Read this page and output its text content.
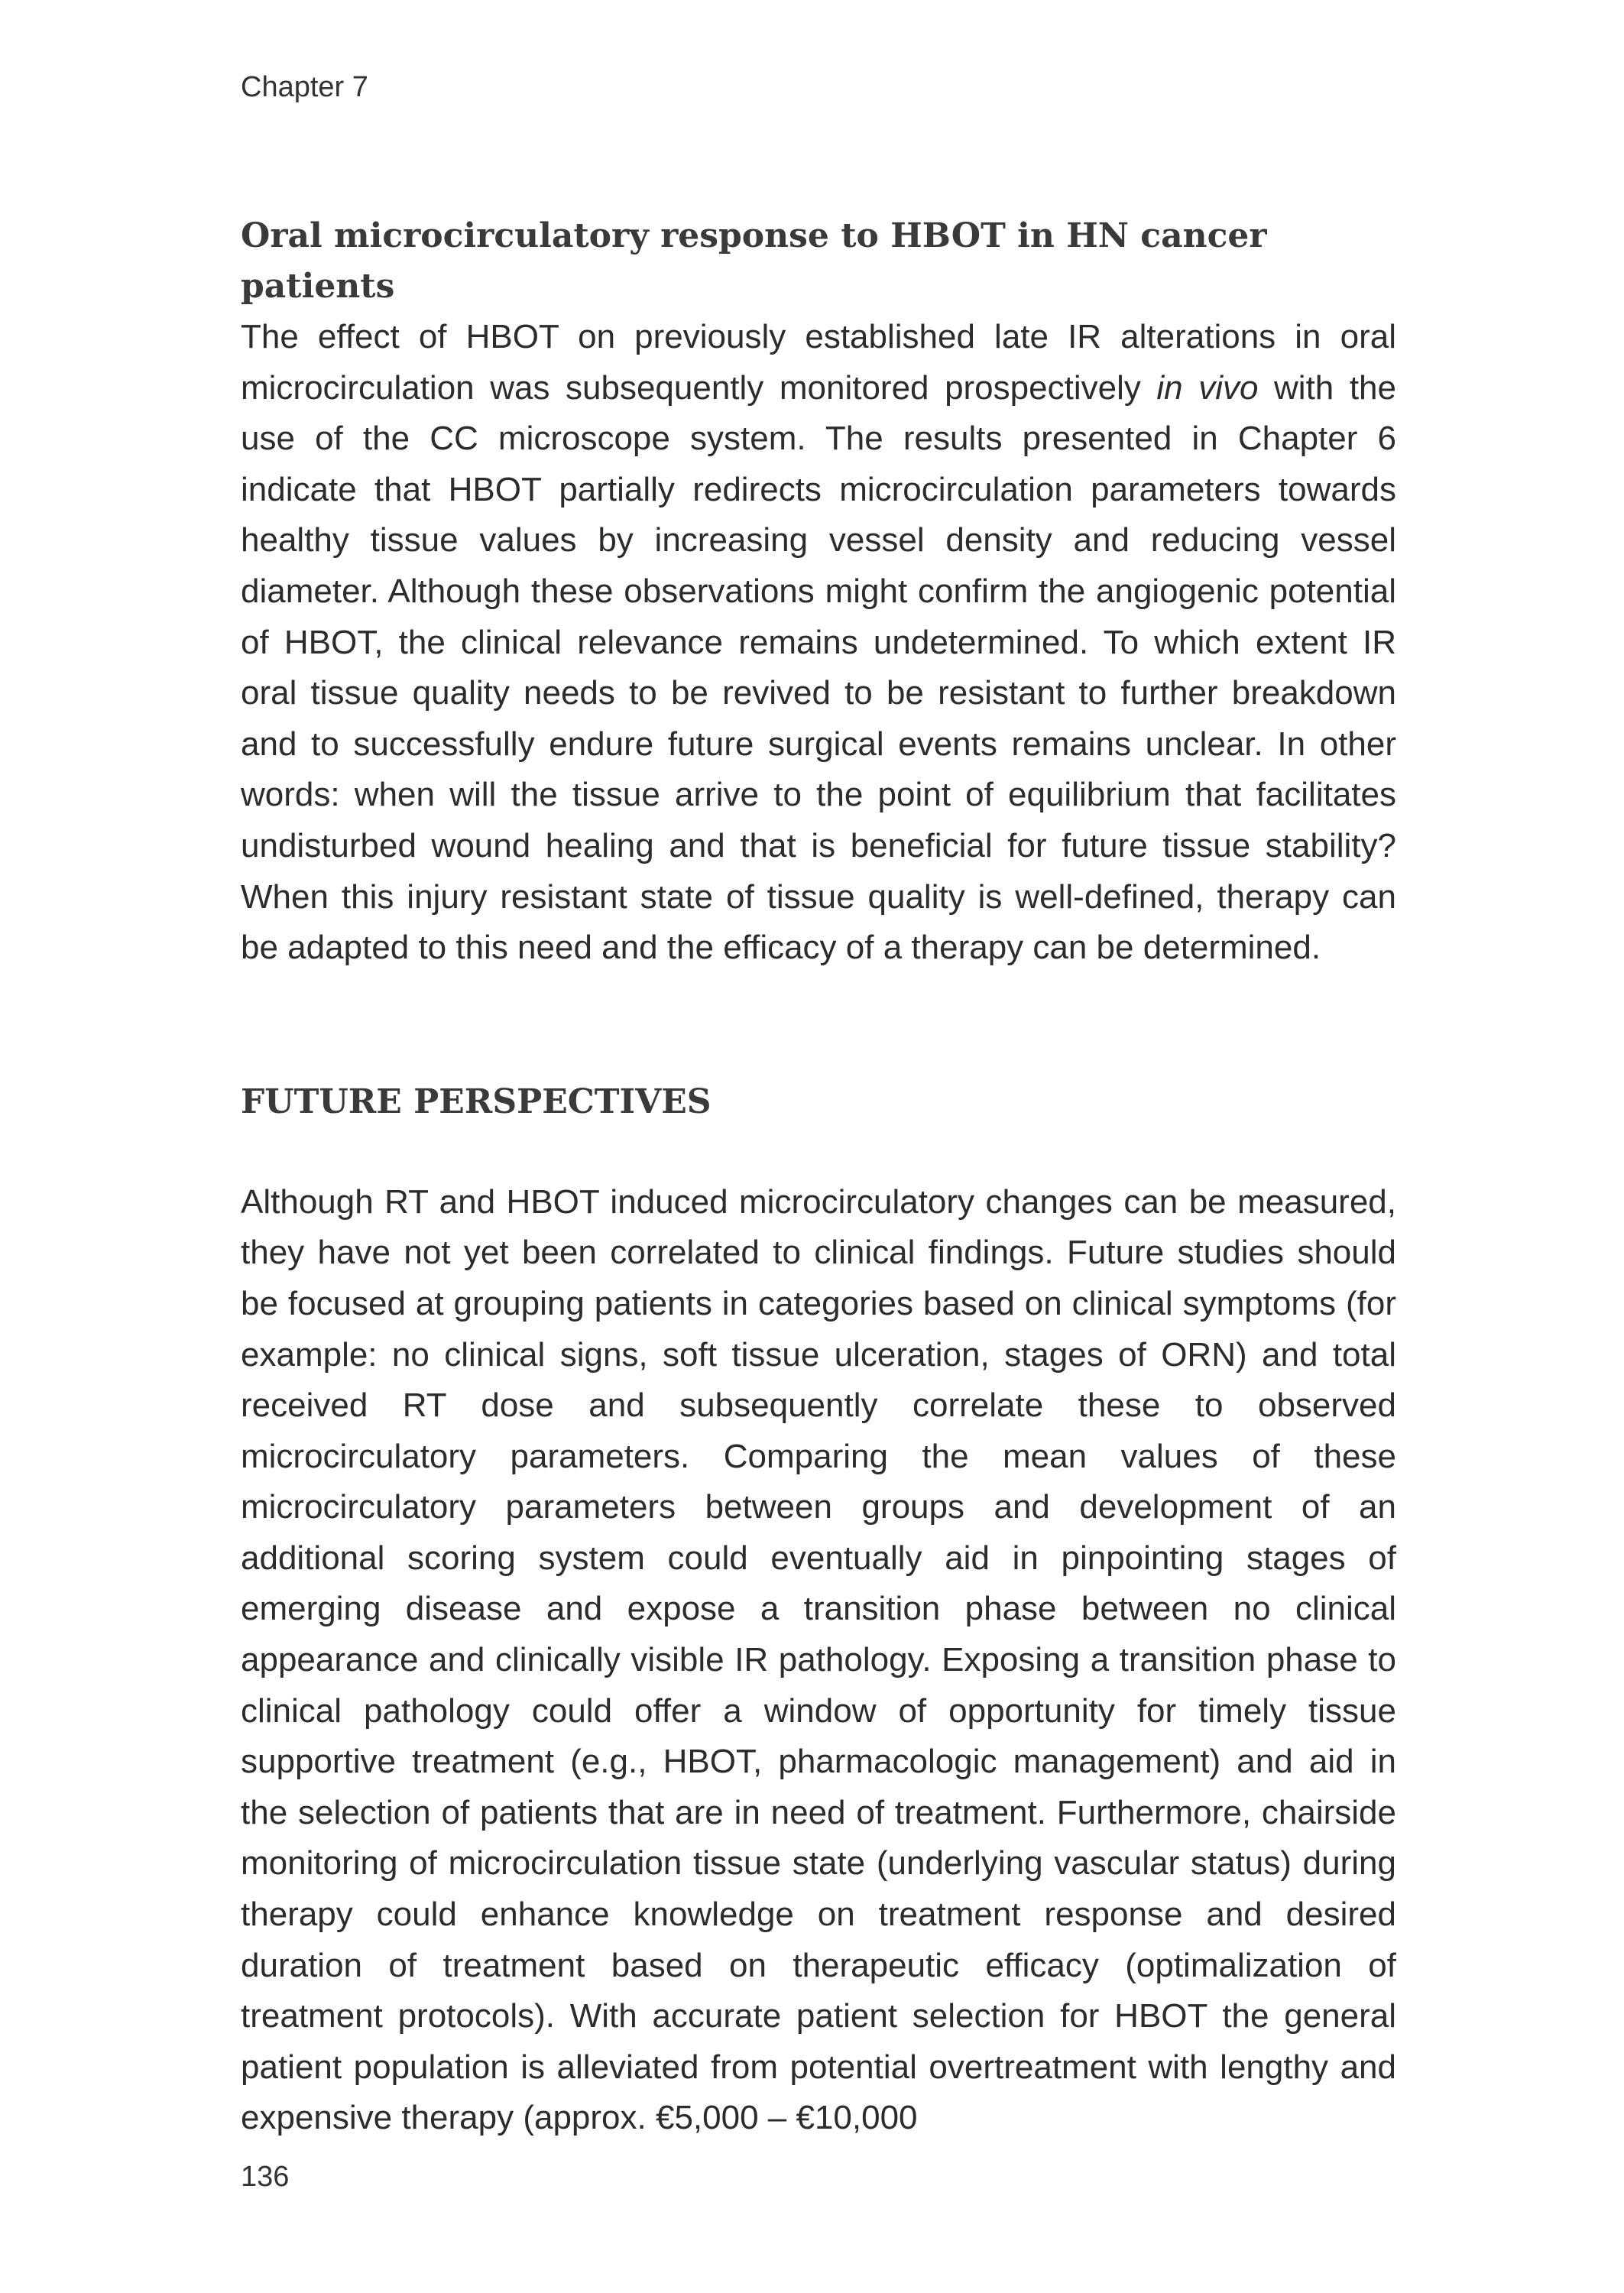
Chapter 7
Oral microcirculatory response to HBOT in HN cancer patients

The effect of HBOT on previously established late IR alterations in oral microcirculation was subsequently monitored prospectively in vivo with the use of the CC microscope system. The results presented in Chapter 6 indicate that HBOT partially redirects microcirculation parameters towards healthy tissue values by increasing vessel density and reducing vessel diameter. Although these observations might confirm the angiogenic potential of HBOT, the clinical relevance remains undetermined. To which extent IR oral tissue quality needs to be revived to be resistant to further breakdown and to successfully endure future surgical events remains unclear. In other words: when will the tissue arrive to the point of equilibrium that facilitates undisturbed wound healing and that is beneficial for future tissue stability? When this injury resistant state of tissue quality is well-defined, therapy can be adapted to this need and the efficacy of a therapy can be determined.

FUTURE PERSPECTIVES

Although RT and HBOT induced microcirculatory changes can be measured, they have not yet been correlated to clinical findings. Future studies should be focused at grouping patients in categories based on clinical symptoms (for example: no clinical signs, soft tissue ulceration, stages of ORN) and total received RT dose and subsequently correlate these to observed microcirculatory parameters. Comparing the mean values of these microcirculatory parameters between groups and development of an additional scoring system could eventually aid in pinpointing stages of emerging disease and expose a transition phase between no clinical appearance and clinically visible IR pathology. Exposing a transition phase to clinical pathology could offer a window of opportunity for timely tissue supportive treatment (e.g., HBOT, pharmacologic management) and aid in the selection of patients that are in need of treatment. Furthermore, chairside monitoring of microcirculation tissue state (underlying vascular status) during therapy could enhance knowledge on treatment response and desired duration of treatment based on therapeutic efficacy (optimalization of treatment protocols). With accurate patient selection for HBOT the general patient population is alleviated from potential overtreatment with lengthy and expensive therapy (approx. €5,000 – €10,000

136
